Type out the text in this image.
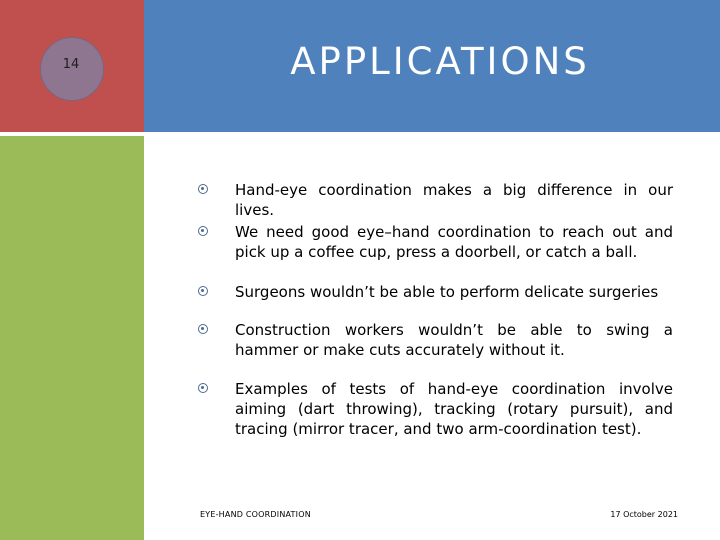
14	APPLICATIONS
Hand-eye coordination makes a big difference in our lives.
We need good eye–hand coordination to reach out and pick up a coffee cup, press a doorbell, or catch a ball.
Surgeons wouldn’t be able to perform delicate surgeries
Construction workers wouldn’t be able to swing a hammer or make cuts accurately without it.
Examples of tests of hand-eye coordination involve aiming (dart throwing), tracking (rotary pursuit), and tracing (mirror tracer, and two arm-coordination test).
EYE-HAND COORDINATION	17 October 2021
